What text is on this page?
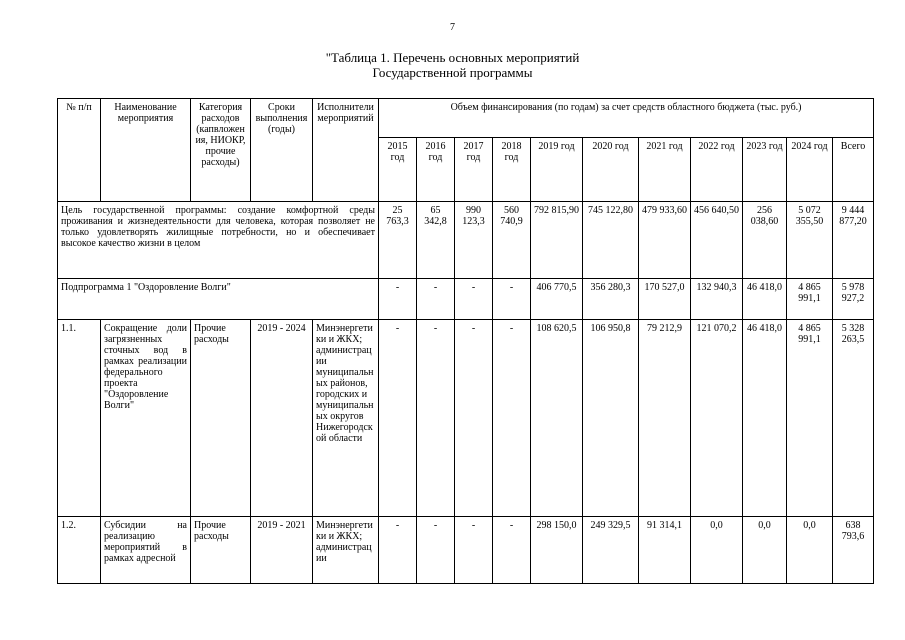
7
"Таблица 1. Перечень основных мероприятий
Государственной программы
№ п/п	Наименование мероприятия	Категория расходов (капвложения, НИОКР, прочие расходы)	Сроки выполнения (годы)	Исполнители мероприятий	Объем финансирования (по годам) за счет средств областного бюджета (тыс. руб.)										
					2015 год	2016 год	2017 год	2018 год	2019 год	2020 год	2021 год	2022 год	2023 год	2024 год	Всего
Цель государственной программы: создание комфортной среды проживания и жизнедеятельности для человека, которая позволяет не только удовлетворять жилищные потребности, но и обеспечивает высокое качество жизни в целом					25 763,3	65 342,8	990 123,3	560 740,9	792 815,90	745 122,80	479 933,60	456 640,50	256 038,60	5 072 355,50	9 444 877,20
Подпрограмма 1 "Оздоровление Волги"					-	-	-	-	406 770,5	356 280,3	170 527,0	132 940,3	46 418,0	4 865 991,1	5 978 927,2
1.1.	Сокращение доли загрязненных сточных вод в рамках реализации федерального проекта "Оздоровление Волги"	Прочие расходы	2019 - 2024	Минэнергетики и ЖКХ; администрации муниципальных районов, городских и муниципальных округов Нижегородской области	-	-	-	-	108 620,5	106 950,8	79 212,9	121 070,2	46 418,0	4 865 991,1	5 328 263,5
1.2.	Субсидии на реализацию мероприятий в рамках адресной	Прочие расходы	2019 - 2021	Минэнергетики и ЖКХ; администрации	-	-	-	-	298 150,0	249 329,5	91 314,1	0,0	0,0	0,0	638 793,6
